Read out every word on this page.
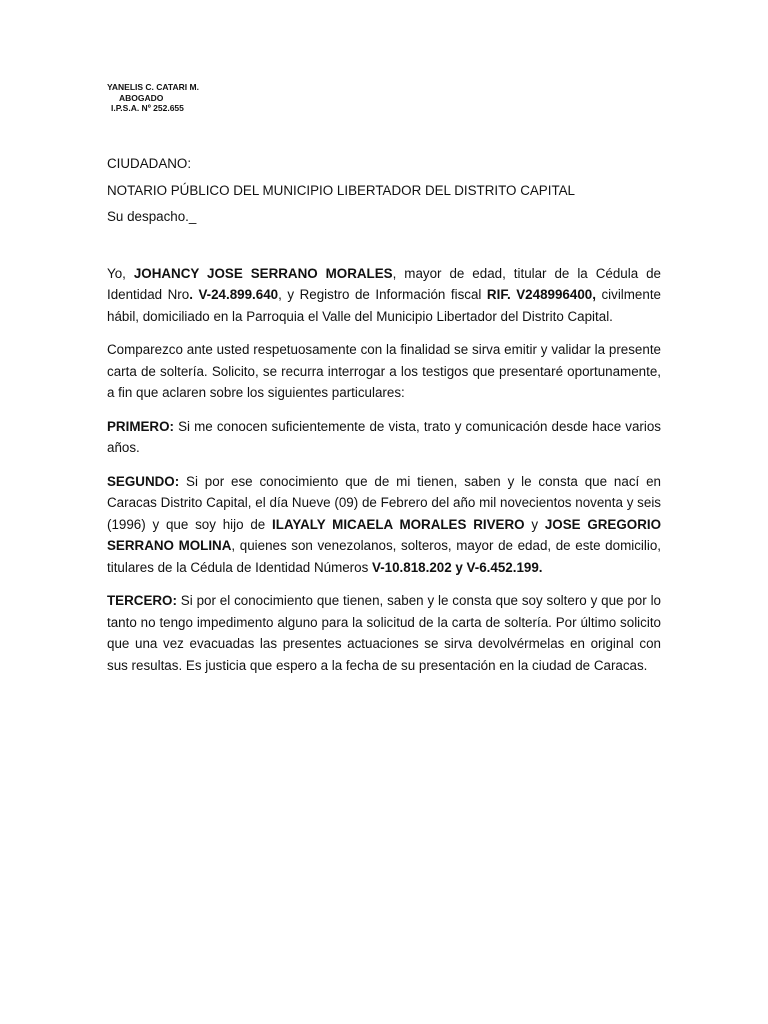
YANELIS C. CATARI M.
ABOGADO
I.P.S.A. Nº 252.655
CIUDADANO:
NOTARIO PÚBLICO DEL MUNICIPIO LIBERTADOR DEL DISTRITO CAPITAL
Su despacho._

Yo, JOHANCY JOSE SERRANO MORALES, mayor de edad, titular de la Cédula de Identidad Nro. V-24.899.640, y Registro de Información fiscal RIF. V248996400, civilmente hábil, domiciliado en la Parroquia el Valle del Municipio Libertador del Distrito Capital.

Comparezco ante usted respetuosamente con la finalidad se sirva emitir y validar la presente carta de soltería. Solicito, se recurra interrogar a los testigos que presentaré oportunamente, a fin que aclaren sobre los siguientes particulares:

PRIMERO: Si me conocen suficientemente de vista, trato y comunicación desde hace varios años.

SEGUNDO: Si por ese conocimiento que de mi tienen, saben y le consta que nací en Caracas Distrito Capital, el día Nueve (09) de Febrero del año mil novecientos noventa y seis (1996) y que soy hijo de ILAYALY MICAELA MORALES RIVERO y JOSE GREGORIO SERRANO MOLINA, quienes son venezolanos, solteros, mayor de edad, de este domicilio, titulares de la Cédula de Identidad Números V-10.818.202 y V-6.452.199.

TERCERO: Si por el conocimiento que tienen, saben y le consta que soy soltero y que por lo tanto no tengo impedimento alguno para la solicitud de la carta de soltería. Por último solicito que una vez evacuadas las presentes actuaciones se sirva devolvérmelas en original con sus resultas. Es justicia que espero a la fecha de su presentación en la ciudad de Caracas.
